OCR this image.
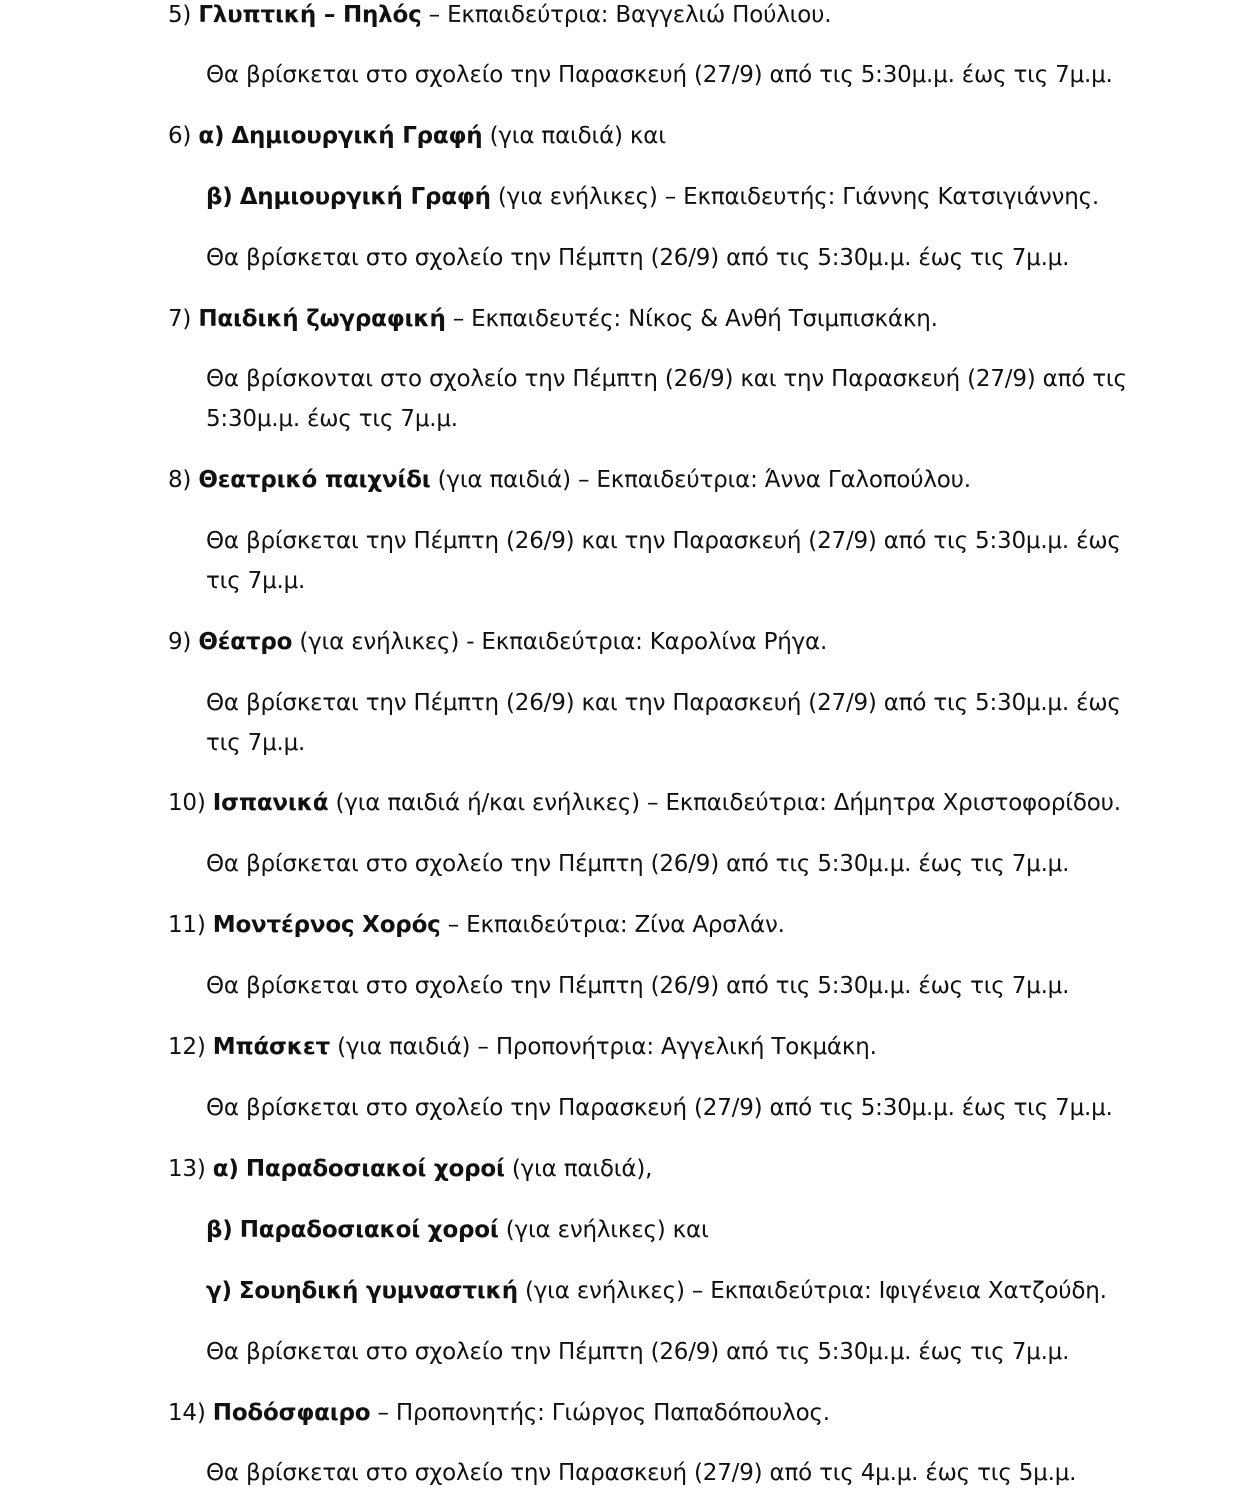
5) Γλυπτική – Πηλός – Εκπαιδεύτρια: Βαγγελιώ Πούλιου.
Θα βρίσκεται στο σχολείο την Παρασκευή (27/9) από τις 5:30μ.μ. έως τις 7μ.μ.
6) α) Δημιουργική Γραφή (για παιδιά) και
β) Δημιουργική Γραφή (για ενήλικες) – Εκπαιδευτής: Γιάννης Κατσιγιάννης.
Θα βρίσκεται στο σχολείο την Πέμπτη (26/9) από τις 5:30μ.μ. έως τις 7μ.μ.
7) Παιδική ζωγραφική – Εκπαιδευτές: Νίκος & Ανθή Τσιμπισκάκη.
Θα βρίσκονται στο σχολείο την Πέμπτη (26/9) και την Παρασκευή (27/9) από τις
5:30μ.μ. έως τις 7μ.μ.
8) Θεατρικό παιχνίδι (για παιδιά) – Εκπαιδεύτρια: Άννα Γαλοπούλου.
Θα βρίσκεται την Πέμπτη (26/9) και την Παρασκευή (27/9) από τις 5:30μ.μ. έως
τις 7μ.μ.
9) Θέατρο (για ενήλικες) - Εκπαιδεύτρια: Καρολίνα Ρήγα.
Θα βρίσκεται την Πέμπτη (26/9) και την Παρασκευή (27/9) από τις 5:30μ.μ. έως
τις 7μ.μ.
10) Ισπανικά (για παιδιά ή/και ενήλικες) – Εκπαιδεύτρια: Δήμητρα Χριστοφορίδου.
Θα βρίσκεται στο σχολείο την Πέμπτη (26/9) από τις 5:30μ.μ. έως τις 7μ.μ.
11) Μοντέρνος Χορός – Εκπαιδεύτρια: Ζίνα Αρσλάν.
Θα βρίσκεται στο σχολείο την Πέμπτη (26/9) από τις 5:30μ.μ. έως τις 7μ.μ.
12) Μπάσκετ (για παιδιά) – Προπονήτρια: Αγγελική Τοκμάκη.
Θα βρίσκεται στο σχολείο την Παρασκευή (27/9) από τις 5:30μ.μ. έως τις 7μ.μ.
13) α) Παραδοσιακοί χοροί (για παιδιά),
β) Παραδοσιακοί χοροί (για ενήλικες) και
γ) Σουηδική γυμναστική (για ενήλικες) – Εκπαιδεύτρια: Ιφιγένεια Χατζούδη.
Θα βρίσκεται στο σχολείο την Πέμπτη (26/9) από τις 5:30μ.μ. έως τις 7μ.μ.
14) Ποδόσφαιρο – Προπονητής: Γιώργος Παπαδόπουλος.
Θα βρίσκεται στο σχολείο την Παρασκευή (27/9) από τις 4μ.μ. έως τις 5μ.μ.
